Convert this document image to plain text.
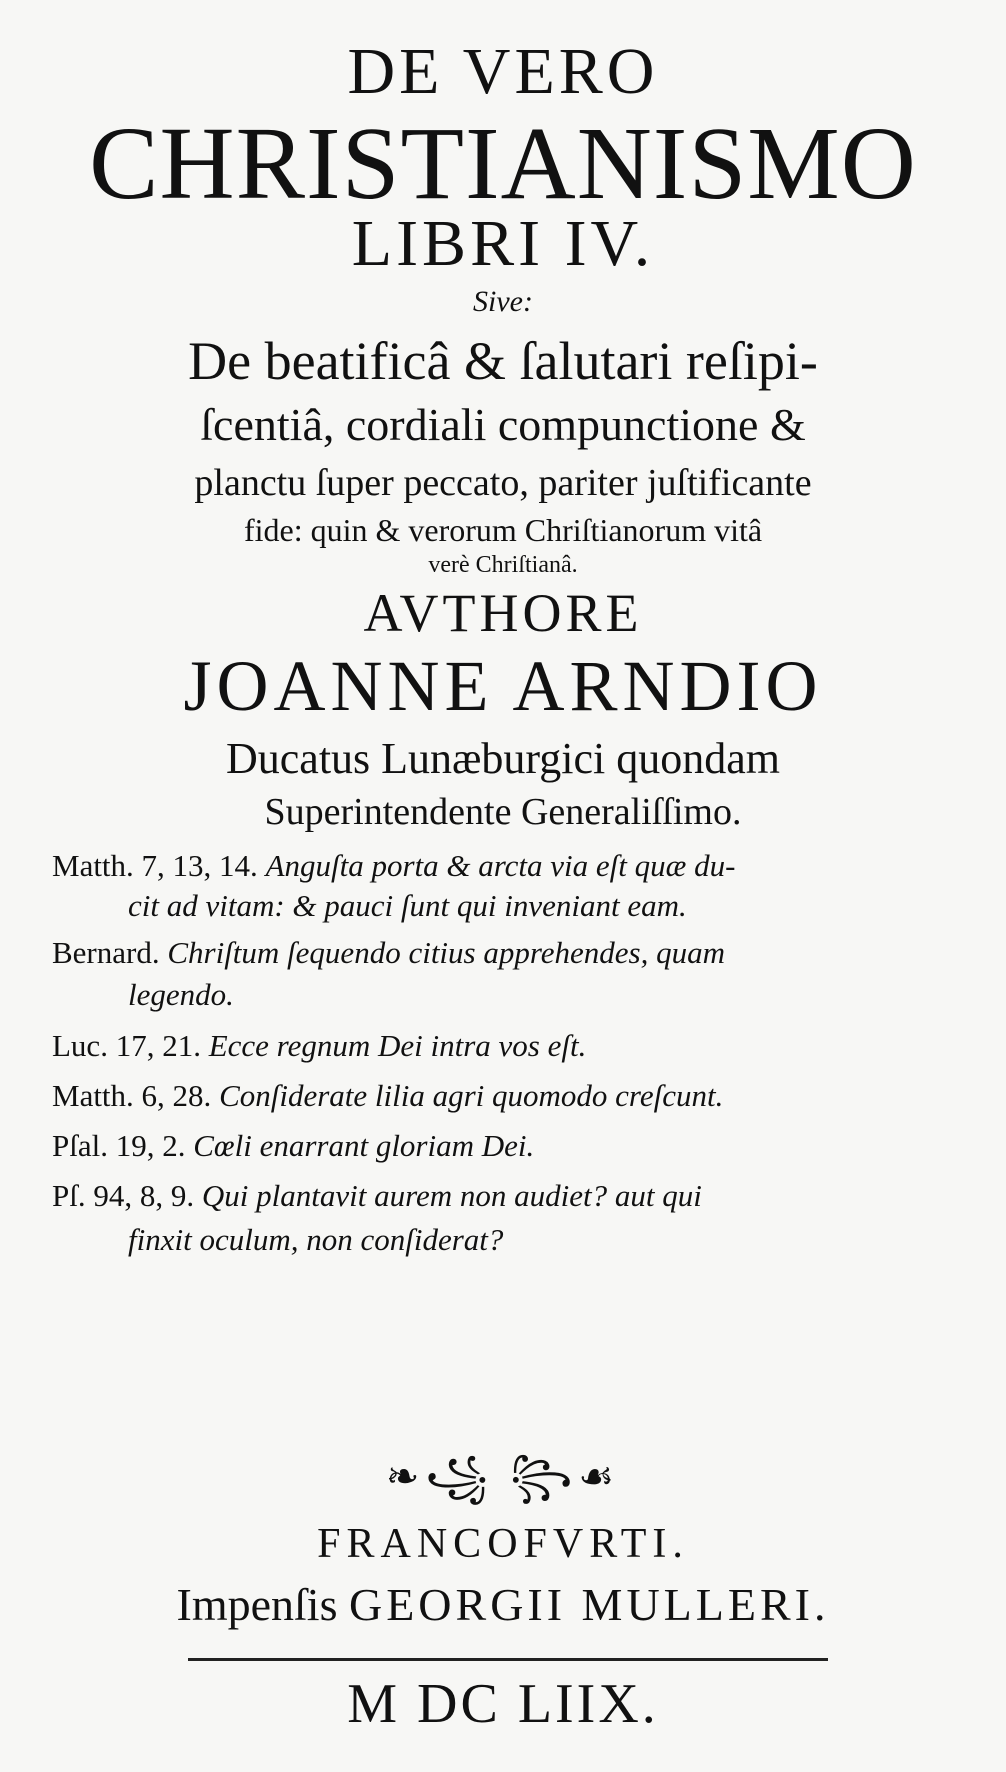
DE VERO
CHRISTIANISMO
LIBRI IV.
Sive:
De beatificâ & ſalutari reſipi-
ſcentiâ, cordiali compunctione &
planctu ſuper peccato, pariter juſtificante
fide: quin & verorum Chriſtianorum vitâ
verè Chriſtianâ.
AVTHORE
JOANNE ARNDIO
Ducatus Lunæburgici quondam
Superintendente Generaliſſimo.
Matth. 7, 13, 14. Anguſta porta & arcta via eſt quæ du-
cit ad vitam: & pauci ſunt qui inveniant eam.
Bernard. Chriſtum ſequendo citius apprehendes, quam
legendo.
Luc. 17, 21. Ecce regnum Dei intra vos eſt.
Matth. 6, 28. Conſiderate lilia agri quomodo creſcunt.
Pſal. 19, 2. Cœli enarrant gloriam Dei.
Pſ. 94, 8, 9. Qui plantavit aurem non audiet? aut qui
finxit oculum, non conſiderat?
❧꧁ ꧂☙
FRANCOFVRTI.
Impenſis GEORGII MULLERI.
M DC LIIX.
